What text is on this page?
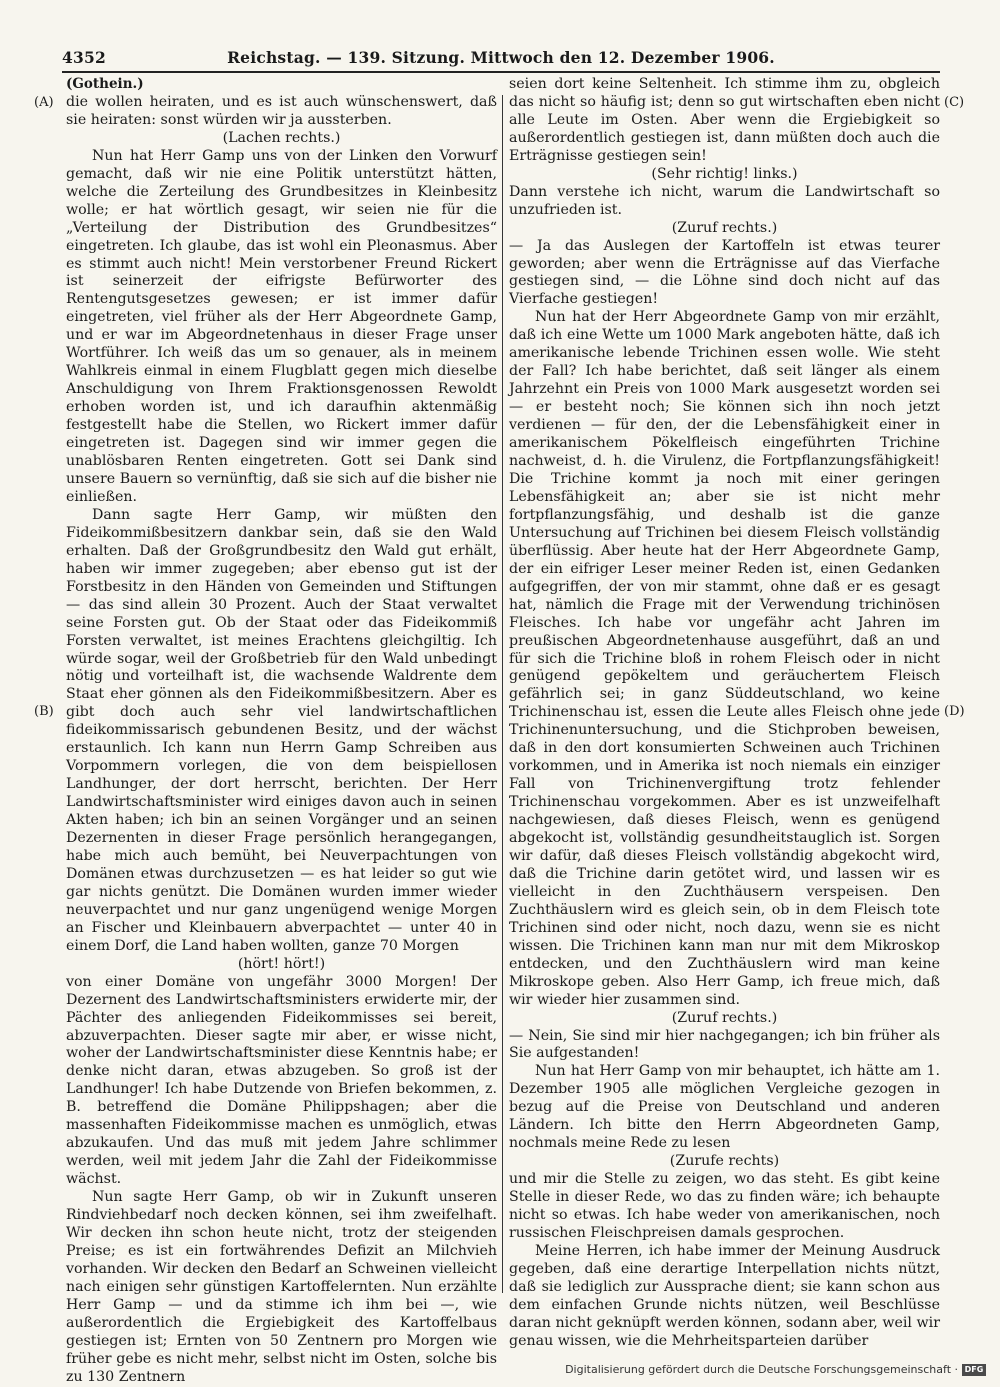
4352	Reichstag. — 139. Sitzung. Mittwoch den 12. Dezember 1906.
(A)
(B)
(C)
(D)

(Gothein.)

die wollen heiraten, und es ist auch wünschenswert, daß sie heiraten: sonst würden wir ja aussterben.

(Lachen rechts.)

Nun hat Herr Gamp uns von der Linken den Vorwurf gemacht, daß wir nie eine Politik unterstützt hätten, welche die Zerteilung des Grundbesitzes in Kleinbesitz wolle; er hat wörtlich gesagt, wir seien nie für die „Verteilung der Distribution des Grundbesitzes“ eingetreten. Ich glaube, das ist wohl ein Pleonasmus. Aber es stimmt auch nicht! Mein verstorbener Freund Rickert ist seinerzeit der eifrigste Befürworter des Rentengutsgesetzes gewesen; er ist immer dafür eingetreten, viel früher als der Herr Abgeordnete Gamp, und er war im Abgeordnetenhaus in dieser Frage unser Wortführer. Ich weiß das um so genauer, als in meinem Wahlkreis einmal in einem Flugblatt gegen mich dieselbe Anschuldigung von Ihrem Fraktionsgenossen Rewoldt erhoben worden ist, und ich daraufhin aktenmäßig festgestellt habe die Stellen, wo Rickert immer dafür eingetreten ist. Dagegen sind wir immer gegen die unablösbaren Renten eingetreten. Gott sei Dank sind unsere Bauern so vernünftig, daß sie sich auf die bisher nie einließen.

Dann sagte Herr Gamp, wir müßten den Fideikommißbesitzern dankbar sein, daß sie den Wald erhalten. Daß der Großgrundbesitz den Wald gut erhält, haben wir immer zugegeben; aber ebenso gut ist der Forstbesitz in den Händen von Gemeinden und Stiftungen — das sind allein 30 Prozent. Auch der Staat verwaltet seine Forsten gut. Ob der Staat oder das Fideikommiß Forsten verwaltet, ist meines Erachtens gleichgiltig. Ich würde sogar, weil der Großbetrieb für den Wald unbedingt nötig und vorteilhaft ist, die wachsende Waldrente dem Staat eher gönnen als den Fideikommißbesitzern. Aber es gibt doch auch sehr viel landwirtschaftlichen fideikommissarisch gebundenen Besitz, und der wächst erstaunlich. Ich kann nun Herrn Gamp Schreiben aus Vorpommern vorlegen, die von dem beispiellosen Landhunger, der dort herrscht, berichten. Der Herr Landwirtschaftsminister wird einiges davon auch in seinen Akten haben; ich bin an seinen Vorgänger und an seinen Dezernenten in dieser Frage persönlich herangegangen, habe mich auch bemüht, bei Neuverpachtungen von Domänen etwas durchzusetzen — es hat leider so gut wie gar nichts genützt. Die Domänen wurden immer wieder neuverpachtet und nur ganz ungenügend wenige Morgen an Fischer und Kleinbauern abverpachtet — unter 40 in einem Dorf, die Land haben wollten, ganze 70 Morgen

(hört! hört!)

von einer Domäne von ungefähr 3000 Morgen! Der Dezernent des Landwirtschaftsministers erwiderte mir, der Pächter des anliegenden Fideikommisses sei bereit, abzuverpachten. Dieser sagte mir aber, er wisse nicht, woher der Landwirtschaftsminister diese Kenntnis habe; er denke nicht daran, etwas abzugeben. So groß ist der Landhunger! Ich habe Dutzende von Briefen bekommen, z. B. betreffend die Domäne Philippshagen; aber die massenhaften Fideikommisse machen es unmöglich, etwas abzukaufen. Und das muß mit jedem Jahre schlimmer werden, weil mit jedem Jahr die Zahl der Fideikommisse wächst.

Nun sagte Herr Gamp, ob wir in Zukunft unseren Rindviehbedarf noch decken können, sei ihm zweifelhaft. Wir decken ihn schon heute nicht, trotz der steigenden Preise; es ist ein fortwährendes Defizit an Milchvieh vorhanden. Wir decken den Bedarf an Schweinen vielleicht nach einigen sehr günstigen Kartoffelernten. Nun erzählte Herr Gamp — und da stimme ich ihm bei —, wie außerordentlich die Ergiebigkeit des Kartoffelbaus gestiegen ist; Ernten von 50 Zentnern pro Morgen wie früher gebe es nicht mehr, selbst nicht im Osten, solche bis zu 130 Zentnern

seien dort keine Seltenheit. Ich stimme ihm zu, obgleich das nicht so häufig ist; denn so gut wirtschaften eben nicht alle Leute im Osten. Aber wenn die Ergiebigkeit so außerordentlich gestiegen ist, dann müßten doch auch die Erträgnisse gestiegen sein!

(Sehr richtig! links.)

Dann verstehe ich nicht, warum die Landwirtschaft so unzufrieden ist.

(Zuruf rechts.)

— Ja das Auslegen der Kartoffeln ist etwas teurer geworden; aber wenn die Erträgnisse auf das Vierfache gestiegen sind, — die Löhne sind doch nicht auf das Vierfache gestiegen!

Nun hat der Herr Abgeordnete Gamp von mir erzählt, daß ich eine Wette um 1000 Mark angeboten hätte, daß ich amerikanische lebende Trichinen essen wolle. Wie steht der Fall? Ich habe berichtet, daß seit länger als einem Jahrzehnt ein Preis von 1000 Mark ausgesetzt worden sei — er besteht noch; Sie können sich ihn noch jetzt verdienen — für den, der die Lebensfähigkeit einer in amerikanischem Pökelfleisch eingeführten Trichine nachweist, d. h. die Virulenz, die Fortpflanzungsfähigkeit! Die Trichine kommt ja noch mit einer geringen Lebensfähigkeit an; aber sie ist nicht mehr fortpflanzungsfähig, und deshalb ist die ganze Untersuchung auf Trichinen bei diesem Fleisch vollständig überflüssig. Aber heute hat der Herr Abgeordnete Gamp, der ein eifriger Leser meiner Reden ist, einen Gedanken aufgegriffen, der von mir stammt, ohne daß er es gesagt hat, nämlich die Frage mit der Verwendung trichinösen Fleisches. Ich habe vor ungefähr acht Jahren im preußischen Abgeordnetenhause ausgeführt, daß an und für sich die Trichine bloß in rohem Fleisch oder in nicht genügend gepökeltem und geräuchertem Fleisch gefährlich sei; in ganz Süddeutschland, wo keine Trichinenschau ist, essen die Leute alles Fleisch ohne jede Trichinenuntersuchung, und die Stichproben beweisen, daß in den dort konsumierten Schweinen auch Trichinen vorkommen, und in Amerika ist noch niemals ein einziger Fall von Trichinenvergiftung trotz fehlender Trichinenschau vorgekommen. Aber es ist unzweifelhaft nachgewiesen, daß dieses Fleisch, wenn es genügend abgekocht ist, vollständig gesundheitstauglich ist. Sorgen wir dafür, daß dieses Fleisch vollständig abgekocht wird, daß die Trichine darin getötet wird, und lassen wir es vielleicht in den Zuchthäusern verspeisen. Den Zuchthäuslern wird es gleich sein, ob in dem Fleisch tote Trichinen sind oder nicht, noch dazu, wenn sie es nicht wissen. Die Trichinen kann man nur mit dem Mikroskop entdecken, und den Zuchthäuslern wird man keine Mikroskope geben. Also Herr Gamp, ich freue mich, daß wir wieder hier zusammen sind.

(Zuruf rechts.)

— Nein, Sie sind mir hier nachgegangen; ich bin früher als Sie aufgestanden!

Nun hat Herr Gamp von mir behauptet, ich hätte am 1. Dezember 1905 alle möglichen Vergleiche gezogen in bezug auf die Preise von Deutschland und anderen Ländern. Ich bitte den Herrn Abgeordneten Gamp, nochmals meine Rede zu lesen

(Zurufe rechts)

und mir die Stelle zu zeigen, wo das steht. Es gibt keine Stelle in dieser Rede, wo das zu finden wäre; ich behaupte nicht so etwas. Ich habe weder von amerikanischen, noch russischen Fleischpreisen damals gesprochen.

Meine Herren, ich habe immer der Meinung Ausdruck gegeben, daß eine derartige Interpellation nichts nützt, daß sie lediglich zur Aussprache dient; sie kann schon aus dem einfachen Grunde nichts nützen, weil Beschlüsse daran nicht geknüpft werden können, sodann aber, weil wir genau wissen, wie die Mehrheitsparteien darüber

Digitalisierung gefördert durch die Deutsche Forschungsgemeinschaft · DFG
